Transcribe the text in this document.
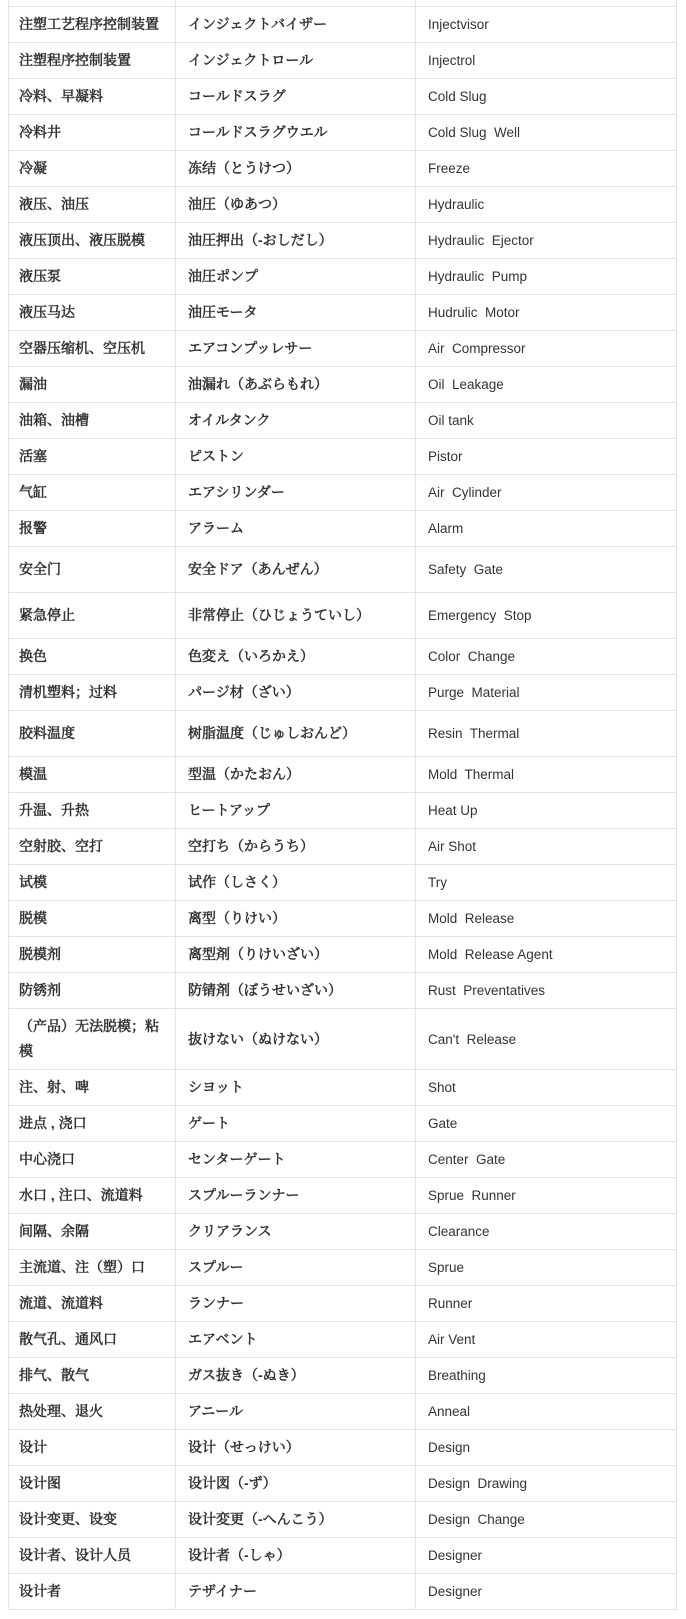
注塑工艺程序控制装置	インジェクトバイザー	Injectvisor
注塑程序控制装置	インジェクトロール	Injectrol
冷料、早凝料	コールドスラグ	Cold Slug
冷料井	コールドスラグウエル	Cold Slug  Well
冷凝	冻结（とうけつ）	Freeze
液压、油压	油圧（ゆあつ）	Hydraulic
液压顶出、液压脱模	油圧押出（-おしだし）	Hydraulic  Ejector
液压泵	油圧ポンプ	Hydraulic  Pump
液压马达	油圧モータ	Hudrulic  Motor
空器压缩机、空压机	エアコンプッレサー	Air  Compressor
漏油	油漏れ（あぶらもれ）	Oil  Leakage
油箱、油槽	オイルタンク	Oil tank
活塞	ピストン	Pistor
气缸	エアシリンダー	Air  Cylinder
报警	アラーム	Alarm
安全门	安全ドア（あんぜん）	Safety  Gate
紧急停止	非常停止（ひじょうていし）	Emergency  Stop
换色	色変え（いろかえ）	Color  Change
清机塑料；过料	パージ材（ざい）	Purge  Material
胶料温度	树脂温度（じゅしおんど）	Resin  Thermal
模温	型温（かたおん）	Mold  Thermal
升温、升热	ヒートアップ	Heat Up
空射胶、空打	空打ち（からうち）	Air Shot
试模	试作（しさく）	Try
脱模	离型（りけい）	Mold  Release
脱模剂	离型剤（りけいざい）	Mold  Release Agent
防锈剂	防锖剤（ぼうせいざい）	Rust  Preventatives
（产品）无法脱模；粘模	抜けない（ぬけない）	Can't  Release
注、射、啤	シヨット	Shot
进点 , 浇口	ゲート	Gate
中心浇口	センターゲート	Center  Gate
水口 , 注口、流道料	スプルーランナー	Sprue  Runner
间隔、余隔	クリアランス	Clearance
主流道、注（塑）口	スプルー	Sprue
流道、流道料	ランナー	Runner
散气孔、通风口	エアベント	Air Vent
排气、散气	ガス抜き（-ぬき）	Breathing
热处理、退火	アニール	Anneal
设计	设计（せっけい）	Design
设计图	设计図（-ず）	Design  Drawing
设计变更、设变	设计変更（-へんこう）	Design  Change
设计者、设计人员	设计者（-しゃ）	Designer
设计者	テザイナー	Designer
